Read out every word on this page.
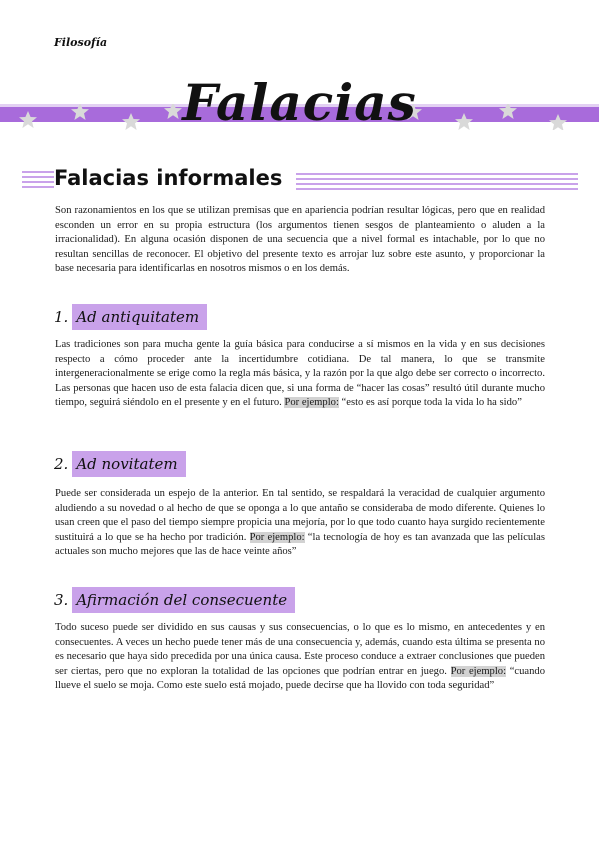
Filosofía
Falacias
Falacias informales

Son razonamientos en los que se utilizan premisas que en apariencia podrían resultar lógicas, pero que en realidad esconden un error en su propia estructura (los argumentos tienen sesgos de planteamiento o aluden a la irracionalidad). En alguna ocasión disponen de una secuencia que a nivel formal es intachable, por lo que no resultan sencillas de reconocer. El objetivo del presente texto es arrojar luz sobre este asunto, y proporcionar la base necesaria para identificarlas en nosotros mismos o en los demás.

1. Ad antiquitatem

Las tradiciones son para mucha gente la guía básica para conducirse a sí mismos en la vida y en sus decisiones respecto a cómo proceder ante la incertidumbre cotidiana. De tal manera, lo que se transmite intergeneracionalmente se erige como la regla más básica, y la razón por la que algo debe ser correcto o incorrecto. Las personas que hacen uso de esta falacia dicen que, si una forma de “hacer las cosas” resultó útil durante mucho tiempo, seguirá siéndolo en el presente y en el futuro. Por ejemplo: “esto es así porque toda la vida lo ha sido”

2. Ad novitatem

Puede ser considerada un espejo de la anterior. En tal sentido, se respaldará la veracidad de cualquier argumento aludiendo a su novedad o al hecho de que se oponga a lo que antaño se consideraba de modo diferente. Quienes lo usan creen que el paso del tiempo siempre propicia una mejoría, por lo que todo cuanto haya surgido recientemente sustituirá a lo que se ha hecho por tradición. Por ejemplo: “la tecnología de hoy es tan avanzada que las películas actuales son mucho mejores que las de hace veinte años”

3. Afirmación del consecuente

Todo suceso puede ser dividido en sus causas y sus consecuencias, o lo que es lo mismo, en antecedentes y en consecuentes. A veces un hecho puede tener más de una consecuencia y, además, cuando esta última se presenta no es necesario que haya sido precedida por una única causa. Este proceso conduce a extraer conclusiones que pueden ser ciertas, pero que no exploran la totalidad de las opciones que podrían entrar en juego. Por ejemplo: “cuando llueve el suelo se moja. Como este suelo está mojado, puede decirse que ha llovido con toda seguridad”
